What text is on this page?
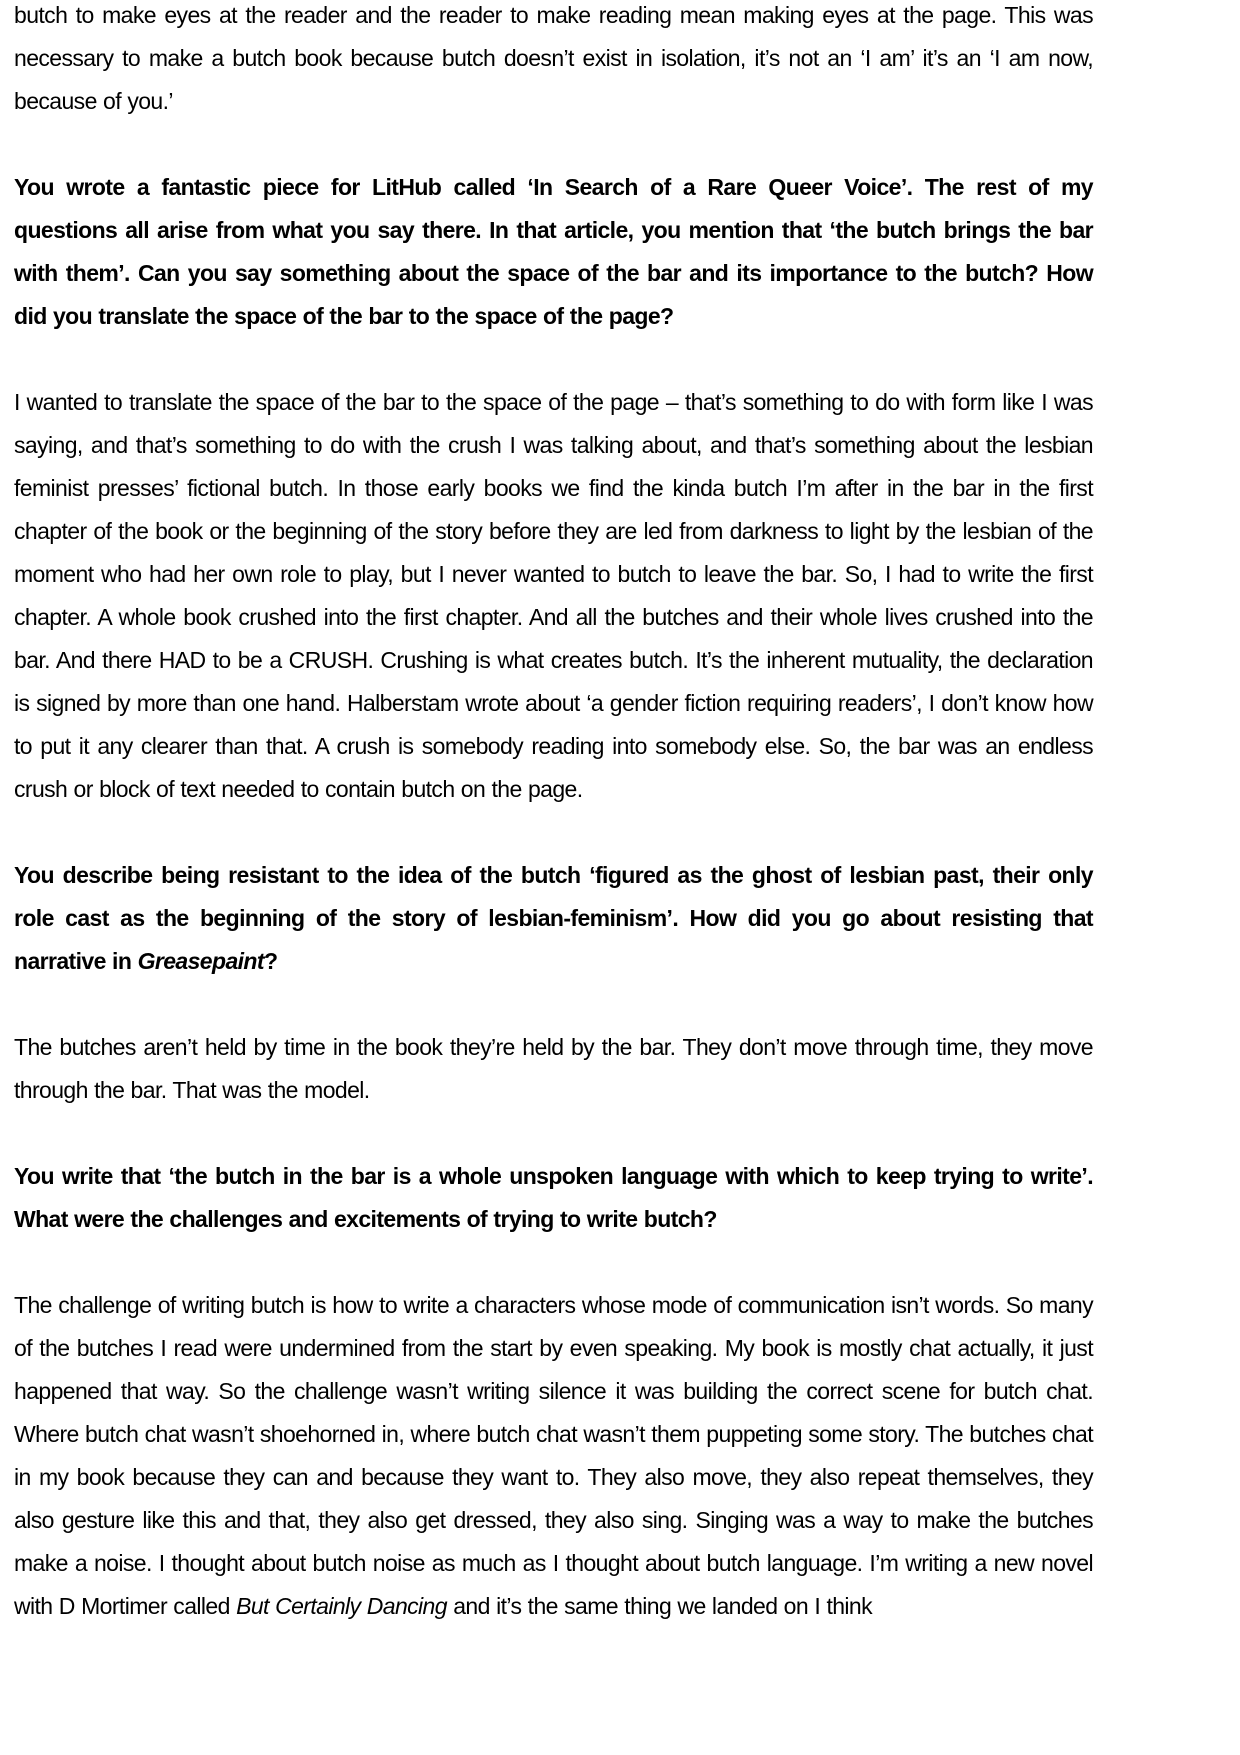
butch to make eyes at the reader and the reader to make reading mean making eyes at the page. This was necessary to make a butch book because butch doesn’t exist in isolation, it’s not an ‘I am’ it’s an ‘I am now, because of you.’

You wrote a fantastic piece for LitHub called ‘In Search of a Rare Queer Voice’. The rest of my questions all arise from what you say there. In that article, you mention that ‘the butch brings the bar with them’. Can you say something about the space of the bar and its importance to the butch? How did you translate the space of the bar to the space of the page?

I wanted to translate the space of the bar to the space of the page – that’s something to do with form like I was saying, and that’s something to do with the crush I was talking about, and that’s something about the lesbian feminist presses’ fictional butch. In those early books we find the kinda butch I’m after in the bar in the first chapter of the book or the beginning of the story before they are led from darkness to light by the lesbian of the moment who had her own role to play, but I never wanted to butch to leave the bar. So, I had to write the first chapter. A whole book crushed into the first chapter. And all the butches and their whole lives crushed into the bar. And there HAD to be a CRUSH. Crushing is what creates butch. It’s the inherent mutuality, the declaration is signed by more than one hand. Halberstam wrote about ‘a gender fiction requiring readers’, I don’t know how to put it any clearer than that. A crush is somebody reading into somebody else. So, the bar was an endless crush or block of text needed to contain butch on the page.

You describe being resistant to the idea of the butch ‘figured as the ghost of lesbian past, their only role cast as the beginning of the story of lesbian-feminism’. How did you go about resisting that narrative in Greasepaint?

The butches aren’t held by time in the book they’re held by the bar. They don’t move through time, they move through the bar. That was the model.

You write that ‘the butch in the bar is a whole unspoken language with which to keep trying to write’. What were the challenges and excitements of trying to write butch?

The challenge of writing butch is how to write a characters whose mode of communication isn’t words. So many of the butches I read were undermined from the start by even speaking. My book is mostly chat actually, it just happened that way. So the challenge wasn’t writing silence it was building the correct scene for butch chat. Where butch chat wasn’t shoehorned in, where butch chat wasn’t them puppeting some story. The butches chat in my book because they can and because they want to. They also move, they also repeat themselves, they also gesture like this and that, they also get dressed, they also sing. Singing was a way to make the butches make a noise. I thought about butch noise as much as I thought about butch language. I’m writing a new novel with D Mortimer called But Certainly Dancing and it’s the same thing we landed on I think
